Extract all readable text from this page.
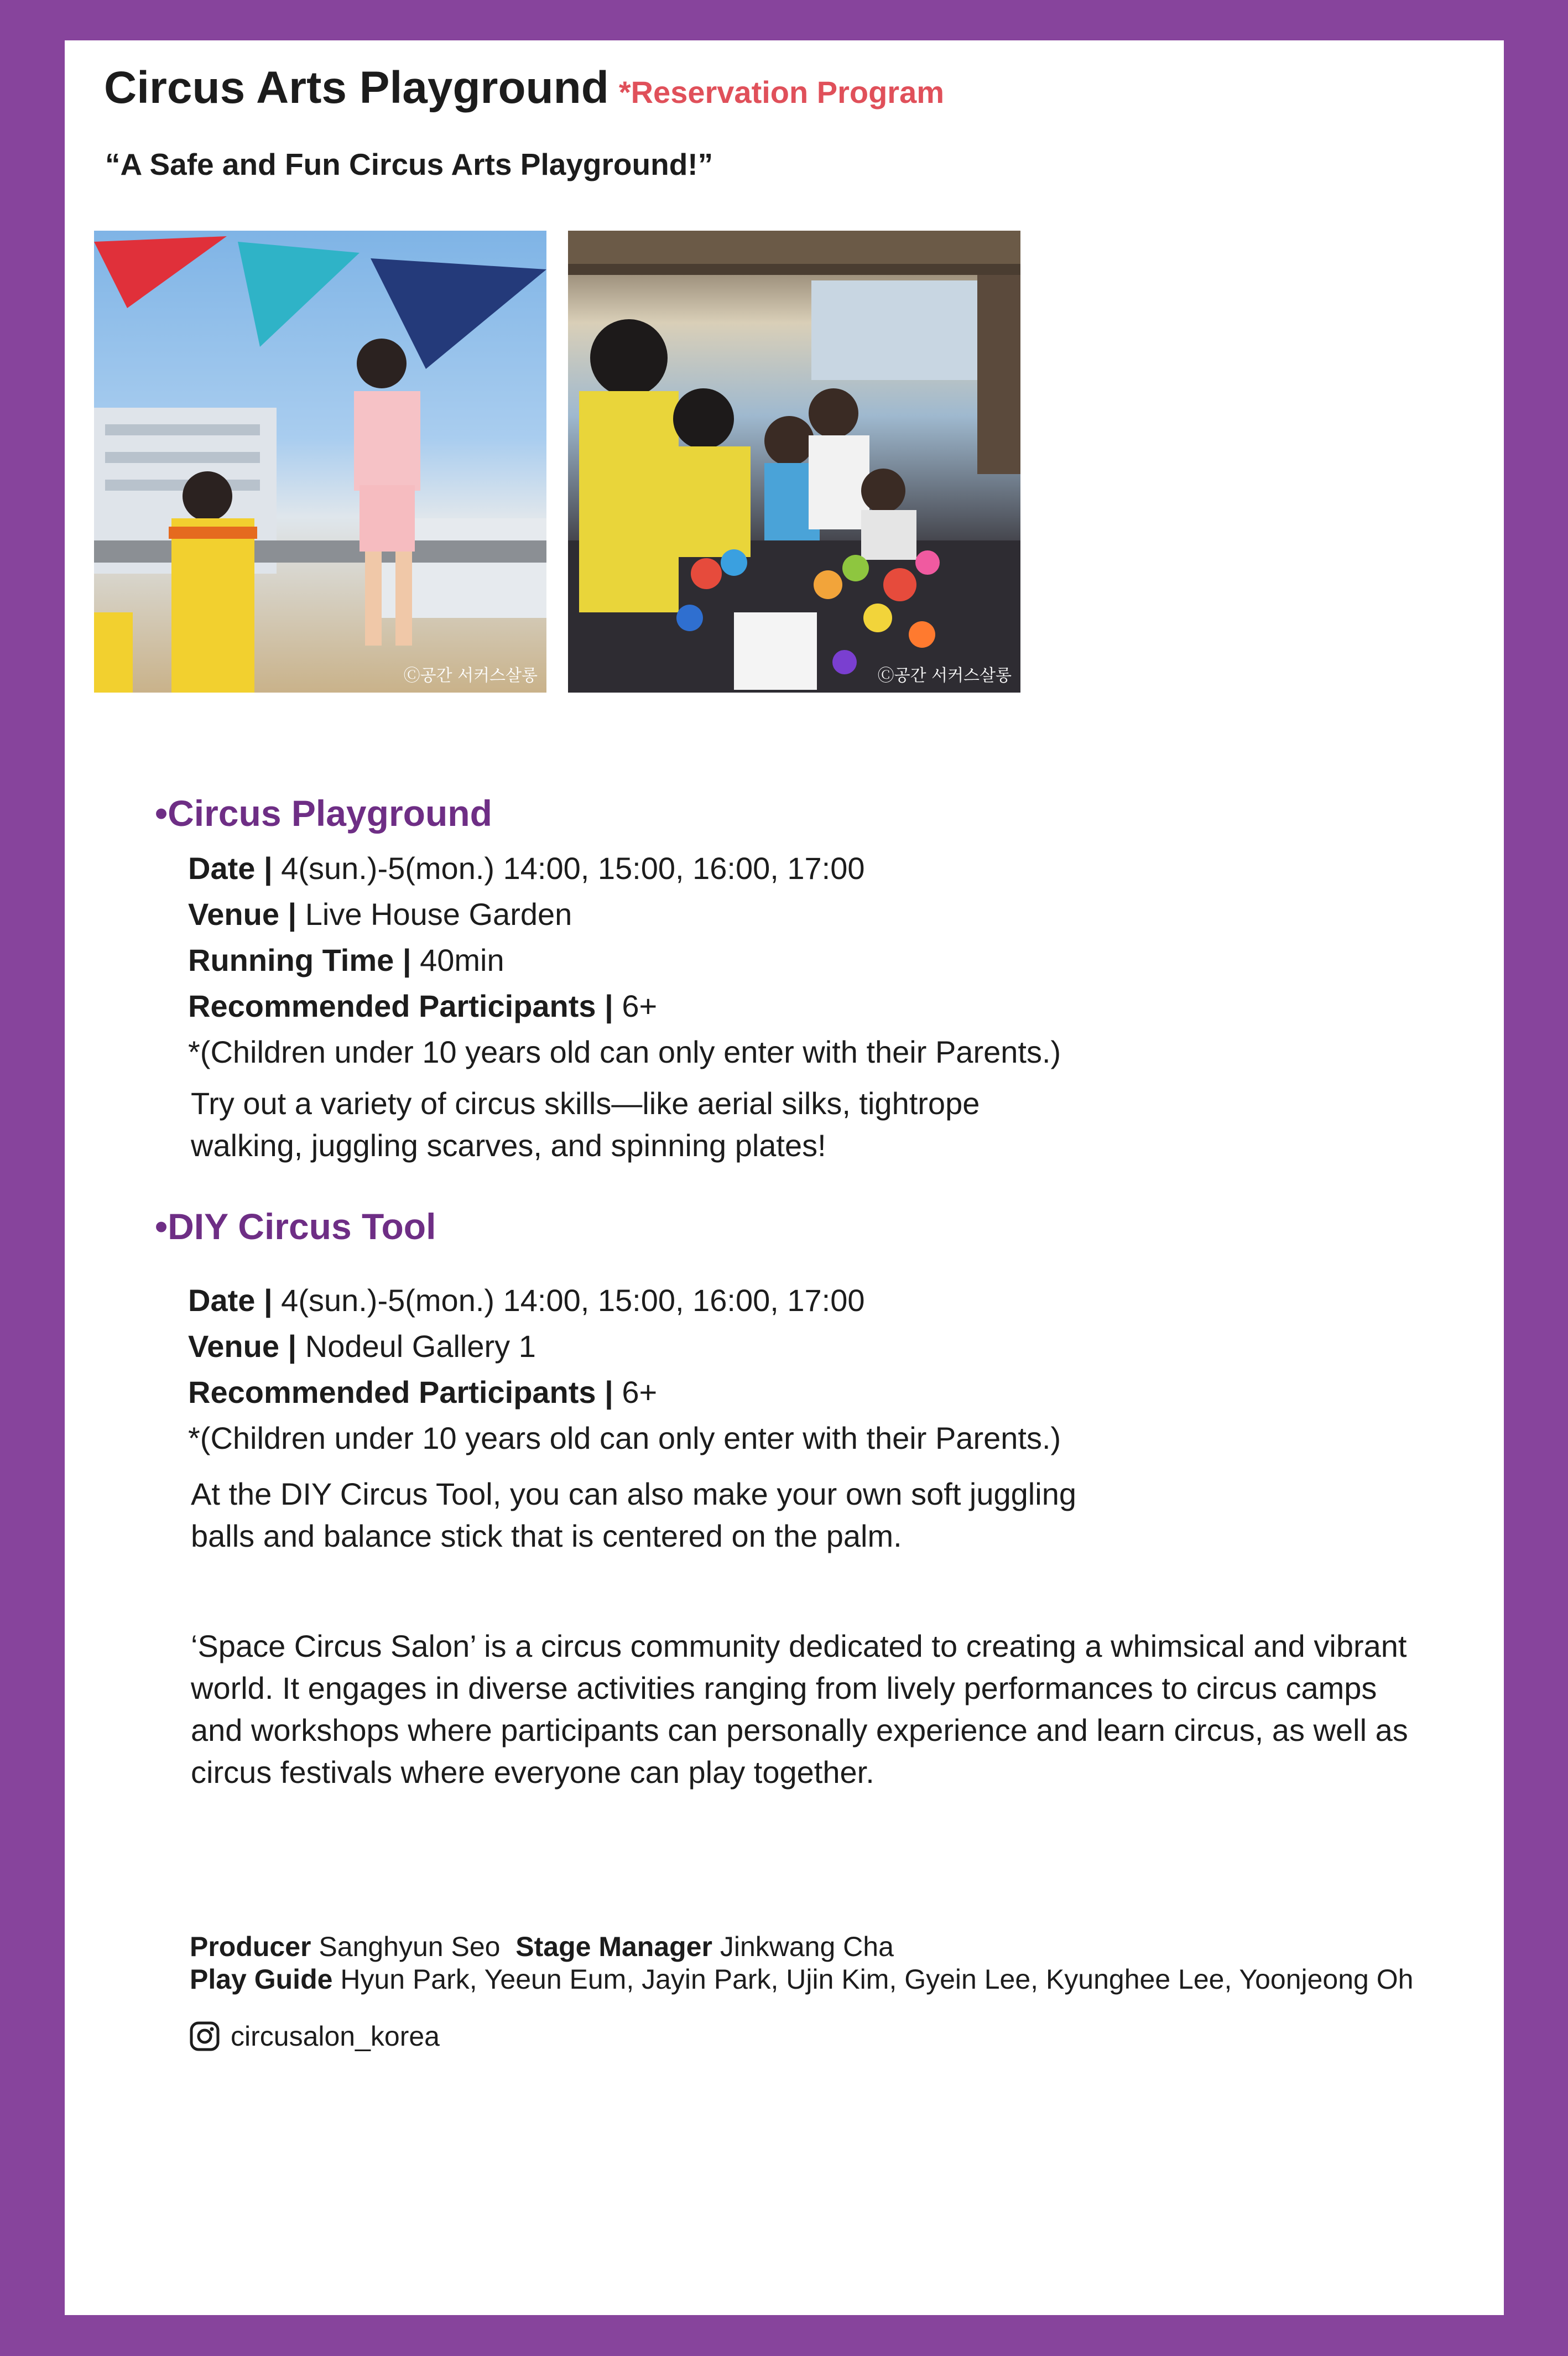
Circus Arts Playground *Reservation Program
“A Safe and Fun Circus Arts Playground!”
Ⓒ공간 서커스살롱	Ⓒ공간 서커스살롱
•Circus Playground
Date | 4(sun.)-5(mon.) 14:00, 15:00, 16:00, 17:00
Venue | Live House Garden
Running Time | 40min
Recommended Participants | 6+
*(Children under 10 years old can only enter with their Parents.)
Try out a variety of circus skills—like aerial silks, tightrope walking, juggling scarves, and spinning plates!
•DIY Circus Tool
Date | 4(sun.)-5(mon.) 14:00, 15:00, 16:00, 17:00
Venue | Nodeul Gallery 1
Recommended Participants | 6+
*(Children under 10 years old can only enter with their Parents.)
At the DIY Circus Tool, you can also make your own soft juggling balls and balance stick that is centered on the palm.
‘Space Circus Salon’ is a circus community dedicated to creating a whimsical and vibrant world. It engages in diverse activities ranging from lively performances to circus camps and workshops where participants can personally experience and learn circus, as well as circus festivals where everyone can play together.
Producer Sanghyun Seo Stage Manager Jinkwang Cha
Play Guide Hyun Park, Yeeun Eum, Jayin Park, Ujin Kim, Gyein Lee, Kyunghee Lee, Yoonjeong Oh
circusalon_korea
